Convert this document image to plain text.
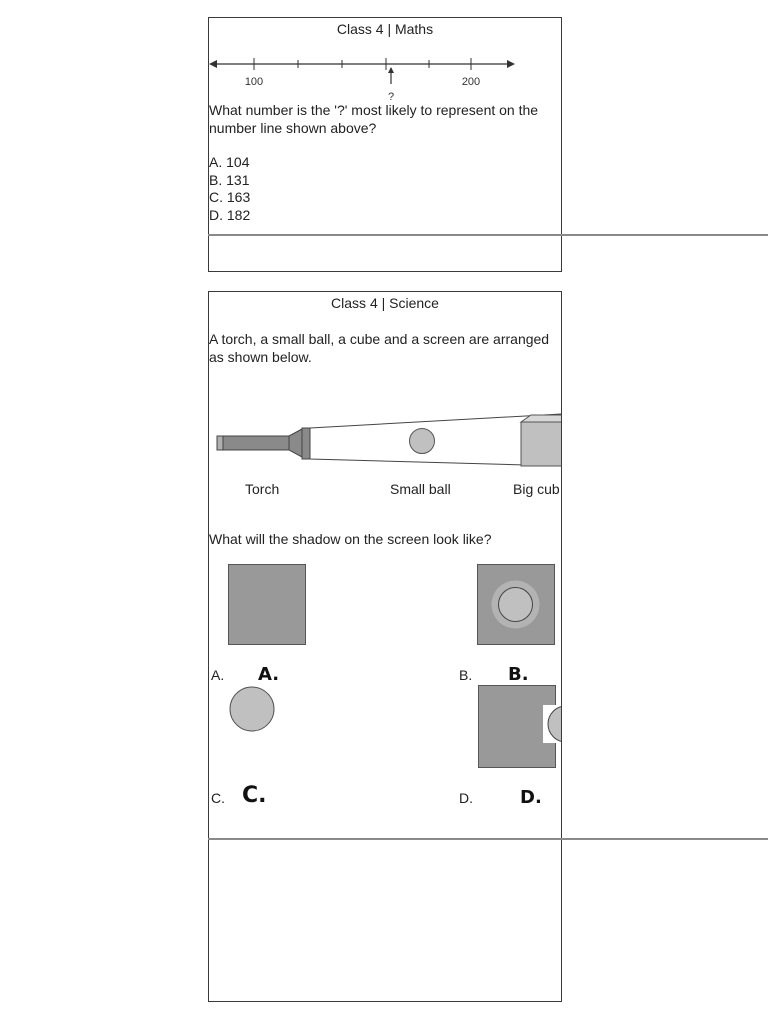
Class 4 | Maths
100	200
?
What number is the '?' most likely to represent on the number line shown above?
A. 104
B. 131
C. 163
D. 182
Class 4 | Science
A torch, a small ball, a cube and a screen are arranged as shown below.
Torch	Small ball	Big cub
What will the shadow on the screen look like?
A. A.	B. B.
C. C.	D.	D.
